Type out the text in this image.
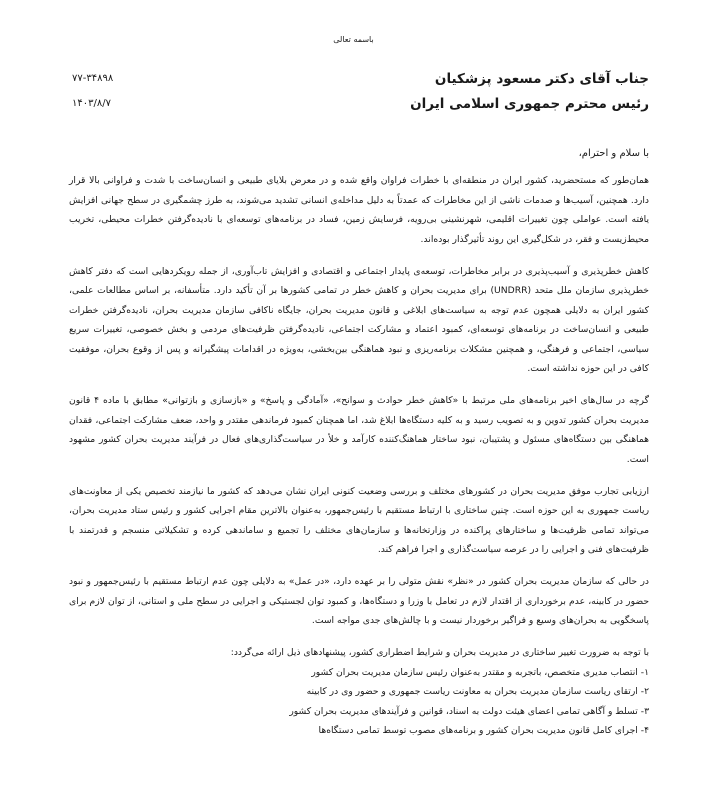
باسمه تعالی
۷۷-۳۴۸۹۸
۱۴۰۳/۸/۷
جناب آقای دکتر مسعود پزشکیان
رئیس محترم جمهوری اسلامی ایران
با سلام و احترام،

همان‌طور که مستحضرید، کشور ایران در منطقه‌ای با خطرات فراوان واقع شده و در معرض بلایای طبیعی و انسان‌ساخت با شدت و فراوانی بالا قرار دارد. همچنین، آسیب‌ها و صدمات ناشی از این مخاطرات که عمدتاً به دلیل مداخله‌ی انسانی تشدید می‌شوند، به طرز چشمگیری در سطح جهانی افزایش یافته است. عواملی چون تغییرات اقلیمی، شهرنشینی بی‌رویه، فرسایش زمین، فساد در برنامه‌های توسعه‌ای با نادیده‌گرفتن خطرات محیطی، تخریب محیط‌زیست و فقر، در شکل‌گیری این روند تأثیرگذار بوده‌اند.

کاهش خطرپذیری و آسیب‌پذیری در برابر مخاطرات، توسعه‌ی پایدار اجتماعی و اقتصادی و افزایش تاب‌آوری، از جمله رویکردهایی است که دفتر کاهش خطرپذیری سازمان ملل متحد (UNDRR) برای مدیریت بحران و کاهش خطر در تمامی کشورها بر آن تأکید دارد. متأسفانه، بر اساس مطالعات علمی، کشور ایران به دلایلی همچون عدم توجه به سیاست‌های ابلاغی و قانون مدیریت بحران، جایگاه ناکافی سازمان مدیریت بحران، نادیده‌گرفتن خطرات طبیعی و انسان‌ساخت در برنامه‌های توسعه‌ای، کمبود اعتماد و مشارکت اجتماعی، نادیده‌گرفتن ظرفیت‌های مردمی و بخش خصوصی، تغییرات سریع سیاسی، اجتماعی و فرهنگی، و همچنین مشکلات برنامه‌ریزی و نبود هماهنگی بین‌بخشی، به‌ویژه در اقدامات پیشگیرانه و پس از وقوع بحران، موفقیت کافی در این حوزه نداشته است.

گرچه در سال‌های اخیر برنامه‌های ملی مرتبط با «کاهش خطر حوادث و سوانح»، «آمادگی و پاسخ» و «بازسازی و بازتوانی» مطابق با ماده ۴ قانون مدیریت بحران کشور تدوین و به تصویب رسید و به کلیه دستگاه‌ها ابلاغ شد، اما همچنان کمبود فرماندهی مقتدر و واحد، ضعف مشارکت اجتماعی، فقدان هماهنگی بین دستگاه‌های مسئول و پشتیبان، نبود ساختار هماهنگ‌کننده کارآمد و خلأ در سیاست‌گذاری‌های فعال در فرآیند مدیریت بحران کشور مشهود است.

ارزیابی تجارب موفق مدیریت بحران در کشورهای مختلف و بررسی وضعیت کنونی ایران نشان می‌دهد که کشور ما نیازمند تخصیص یکی از معاونت‌های ریاست جمهوری به این حوزه است. چنین ساختاری با ارتباط مستقیم با رئیس‌جمهور، به‌عنوان بالاترین مقام اجرایی کشور و رئیس ستاد مدیریت بحران، می‌تواند تمامی ظرفیت‌ها و ساختارهای پراکنده در وزارتخانه‌ها و سازمان‌های مختلف را تجمیع و ساماندهی کرده و تشکیلاتی منسجم و قدرتمند با ظرفیت‌های فنی و اجرایی را در عرصه سیاست‌گذاری و اجرا فراهم کند.

در حالی که سازمان مدیریت بحران کشور در «نظر» نقش متولی را بر عهده دارد، «در عمل» به دلایلی چون عدم ارتباط مستقیم با رئیس‌جمهور و نبود حضور در کابینه، عدم برخورداری از اقتدار لازم در تعامل با وزرا و دستگاه‌ها، و کمبود توان لجستیکی و اجرایی در سطح ملی و استانی، از توان لازم برای پاسخگویی به بحران‌های وسیع و فراگیر برخوردار نیست و با چالش‌های جدی مواجه است.

با توجه به ضرورت تغییر ساختاری در مدیریت بحران و شرایط اضطراری کشور، پیشنهادهای ذیل ارائه می‌گردد:

۱- انتصاب مدیری متخصص، باتجربه و مقتدر به‌عنوان رئیس سازمان مدیریت بحران کشور
۲- ارتقای ریاست سازمان مدیریت بحران به معاونت ریاست جمهوری و حضور وی در کابینه
۳- تسلط و آگاهی تمامی اعضای هیئت دولت به اسناد، قوانین و فرآیندهای مدیریت بحران کشور
۴- اجرای کامل قانون مدیریت بحران کشور و برنامه‌های مصوب توسط تمامی دستگاه‌ها
